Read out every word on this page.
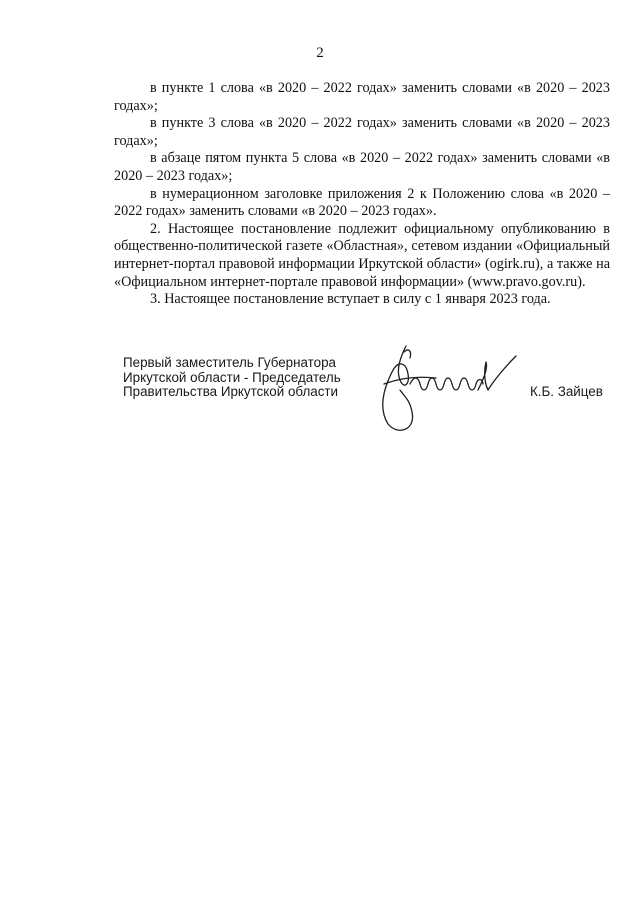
2

в пункте 1 слова «в 2020 – 2022 годах» заменить словами «в 2020 – 2023 годах»;

в пункте 3 слова «в 2020 – 2022 годах» заменить словами «в 2020 – 2023 годах»;

в абзаце пятом пункта 5 слова «в 2020 – 2022 годах» заменить словами «в 2020 – 2023 годах»;

в нумерационном заголовке приложения 2 к Положению слова «в 2020 – 2022 годах» заменить словами «в 2020 – 2023 годах».

2. Настоящее постановление подлежит официальному опубликованию в общественно-политической газете «Областная», сетевом издании «Официальный интернет-портал правовой информации Иркутской области» (ogirk.ru), а также на «Официальном интернет-портале правовой информации» (www.pravo.gov.ru).

3. Настоящее постановление вступает в силу с 1 января 2023 года.

Первый заместитель Губернатора
Иркутской области - Председатель
Правительства Иркутской области	К.Б. Зайцев
